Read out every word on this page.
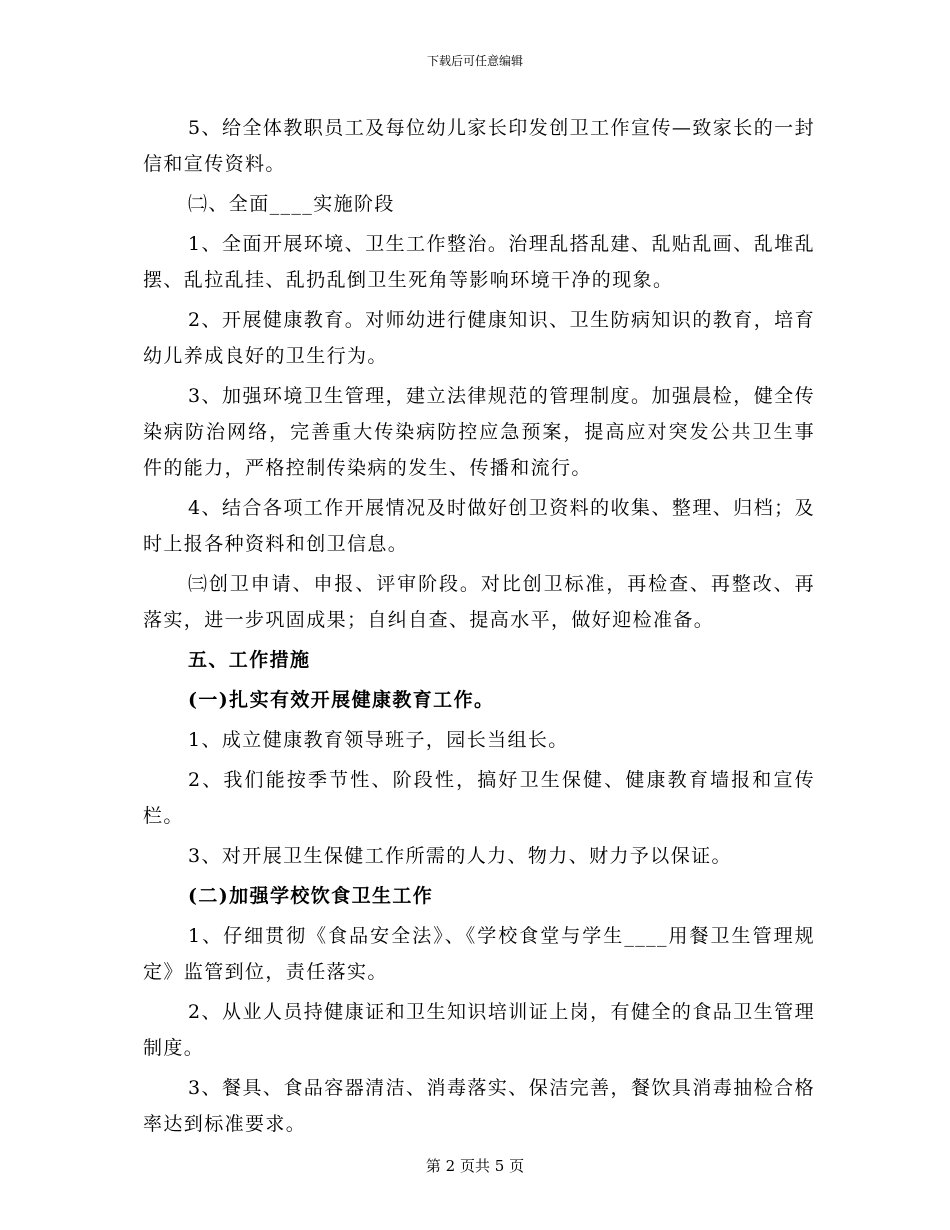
下载后可任意编辑

5、给全体教职员工及每位幼儿家长印发创卫工作宣传—致家长的一封信和宣传资料。

㈡、全面____实施阶段

1、全面开展环境、卫生工作整治。治理乱搭乱建、乱贴乱画、乱堆乱摆、乱拉乱挂、乱扔乱倒卫生死角等影响环境干净的现象。

2、开展健康教育。对师幼进行健康知识、卫生防病知识的教育，培育幼儿养成良好的卫生行为。

3、加强环境卫生管理，建立法律规范的管理制度。加强晨检，健全传染病防治网络，完善重大传染病防控应急预案，提高应对突发公共卫生事件的能力，严格控制传染病的发生、传播和流行。

4、结合各项工作开展情况及时做好创卫资料的收集、整理、归档；及时上报各种资料和创卫信息。

㈢创卫申请、申报、评审阶段。对比创卫标准，再检查、再整改、再落实，进一步巩固成果；自纠自查、提高水平，做好迎检准备。

五、工作措施

(一)扎实有效开展健康教育工作。

1、成立健康教育领导班子，园长当组长。

2、我们能按季节性、阶段性，搞好卫生保健、健康教育墙报和宣传栏。

3、对开展卫生保健工作所需的人力、物力、财力予以保证。

(二)加强学校饮食卫生工作

1、仔细贯彻《食品安全法》、《学校食堂与学生____用餐卫生管理规定》监管到位，责任落实。

2、从业人员持健康证和卫生知识培训证上岗，有健全的食品卫生管理制度。

3、餐具、食品容器清洁、消毒落实、保洁完善，餐饮具消毒抽检合格率达到标准要求。

第 2 页共 5 页
